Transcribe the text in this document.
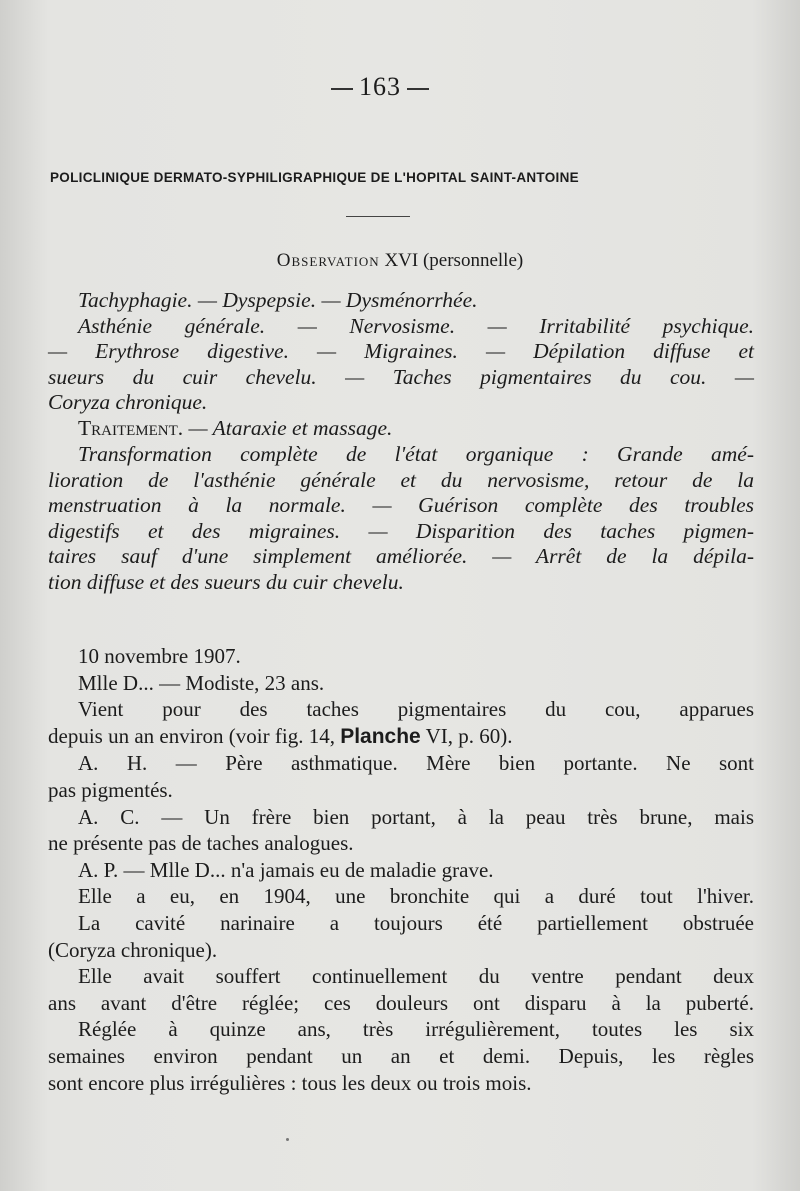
163
POLICLINIQUE DERMATO-SYPHILIGRAPHIQUE DE L'HOPITAL SAINT-ANTOINE
Observation XVI (personnelle)
Tachyphagie. — Dyspepsie. — Dysménorrhée.
Asthénie générale. — Nervosisme. — Irritabilité psychique.
— Erythrose digestive. — Migraines. — Dépilation diffuse et
sueurs du cuir chevelu. — Taches pigmentaires du cou. —
Coryza chronique.
Traitement. — Ataraxie et massage.
Transformation complète de l'état organique : Grande amé-
lioration de l'asthénie générale et du nervosisme, retour de la
menstruation à la normale. — Guérison complète des troubles
digestifs et des migraines. — Disparition des taches pigmen-
taires sauf d'une simplement améliorée. — Arrêt de la dépila-
tion diffuse et des sueurs du cuir chevelu.
10 novembre 1907.
Mlle D... — Modiste, 23 ans.
Vient pour des taches pigmentaires du cou, apparues
depuis un an environ (voir fig. 14, Planche VI, p. 60).
A. H. — Père asthmatique. Mère bien portante. Ne sont
pas pigmentés.
A. C. — Un frère bien portant, à la peau très brune, mais
ne présente pas de taches analogues.
A. P. — Mlle D... n'a jamais eu de maladie grave.
Elle a eu, en 1904, une bronchite qui a duré tout l'hiver.
La cavité narinaire a toujours été partiellement obstruée
(Coryza chronique).
Elle avait souffert continuellement du ventre pendant deux
ans avant d'être réglée; ces douleurs ont disparu à la puberté.
Réglée à quinze ans, très irrégulièrement, toutes les six
semaines environ pendant un an et demi. Depuis, les règles
sont encore plus irrégulières : tous les deux ou trois mois.
